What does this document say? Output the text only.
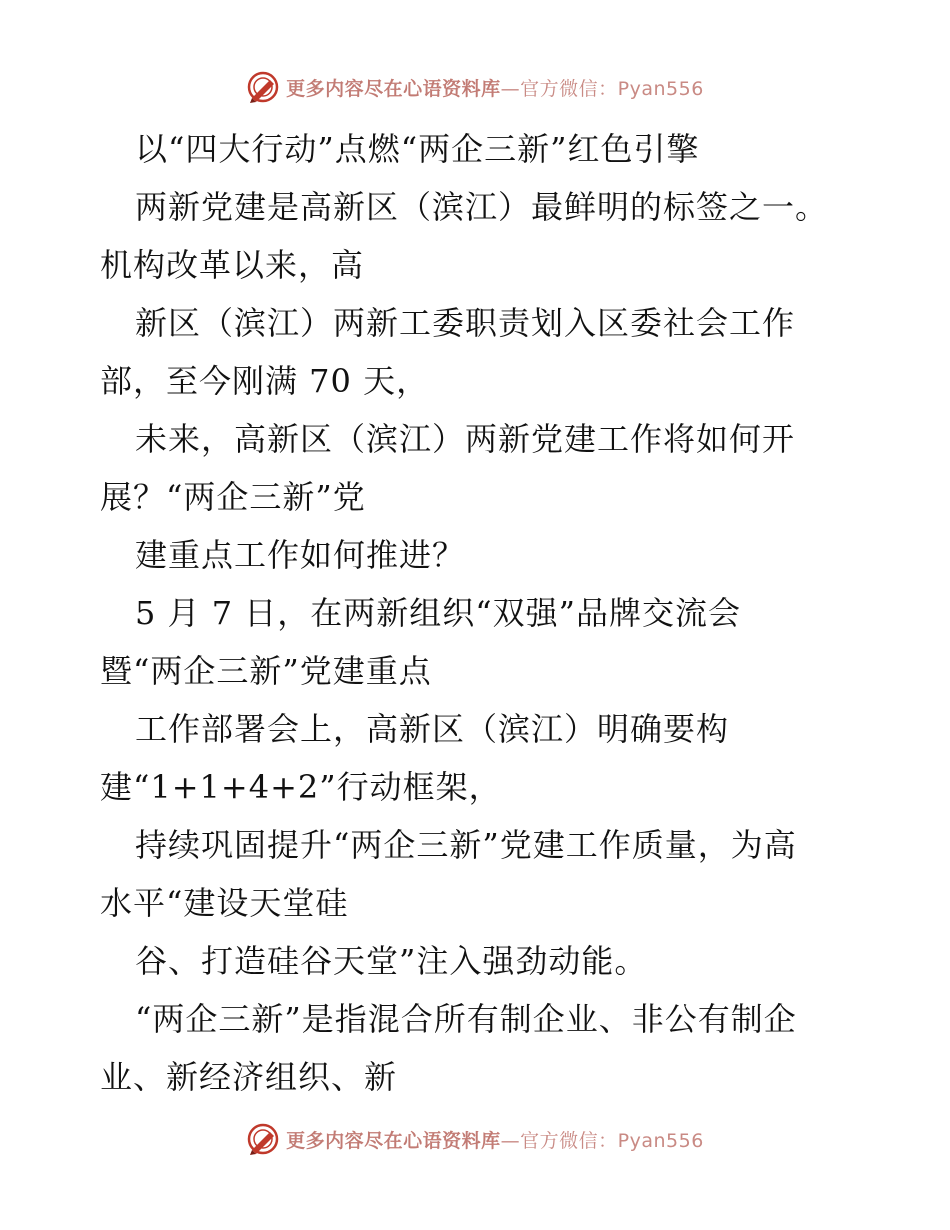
更多内容尽在心语资料库—官方微信：Pyan556
以“四大行动”点燃“两企三新”红色引擎
两新党建是高新区（滨江）最鲜明的标签之一。
机构改革以来，高
新区（滨江）两新工委职责划入区委社会工作
部，至今刚满 70 天，
未来，高新区（滨江）两新党建工作将如何开
展？“两企三新”党
建重点工作如何推进？
5 月 7 日，在两新组织“双强”品牌交流会
暨“两企三新”党建重点
工作部署会上，高新区（滨江）明确要构
建“1+1+4+2”行动框架，
持续巩固提升“两企三新”党建工作质量，为高
水平“建设天堂硅
谷、打造硅谷天堂”注入强劲动能。
“两企三新”是指混合所有制企业、非公有制企
业、新经济组织、新
更多内容尽在心语资料库—官方微信：Pyan556
